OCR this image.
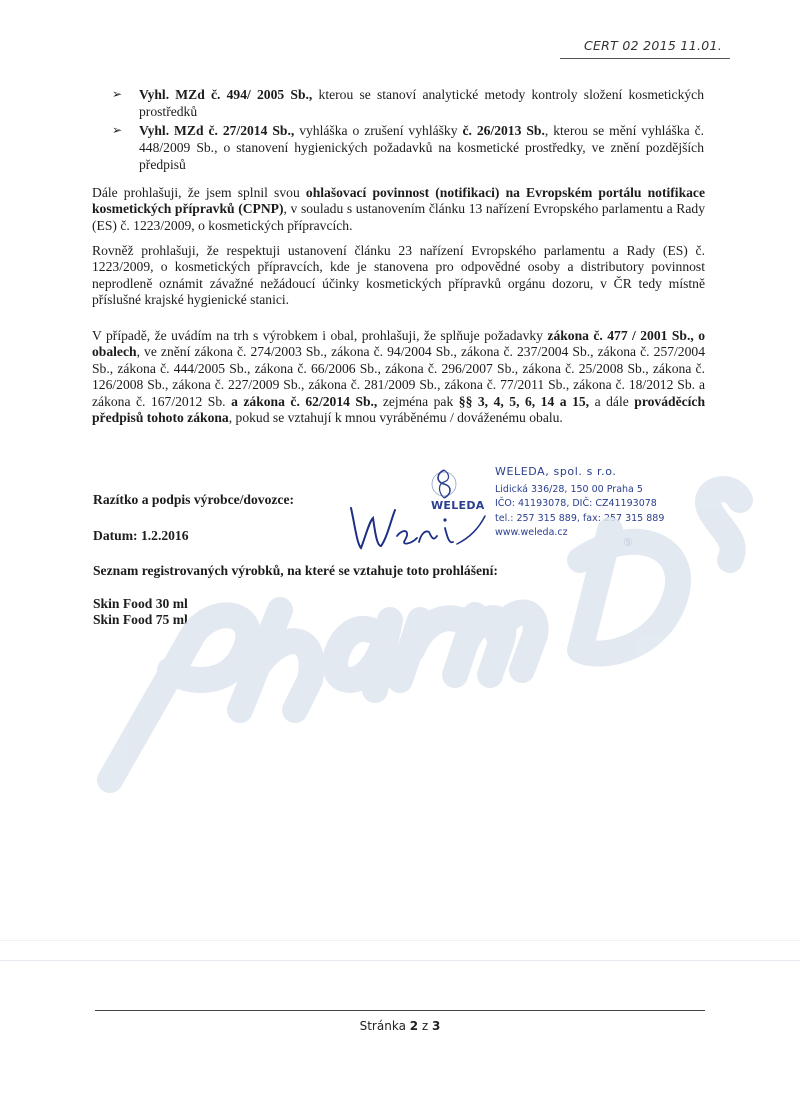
CERT 02 2015 11.01.
➢ Vyhl. MZd č. 494/ 2005 Sb., kterou se stanoví analytické metody kontroly složení kosmetických prostředků
➢ Vyhl. MZd č. 27/2014 Sb., vyhláška o zrušení vyhlášky č. 26/2013 Sb., kterou se mění vyhláška č. 448/2009 Sb., o stanovení hygienických požadavků na kosmetické prostředky, ve znění pozdějších předpisů

Dále prohlašuji, že jsem splnil svou ohlašovací povinnost (notifikaci) na Evropském portálu notifikace kosmetických přípravků (CPNP), v souladu s ustanovením článku 13 nařízení Evropského parlamentu a Rady (ES) č. 1223/2009, o kosmetických přípravcích.

Rovněž prohlašuji, že respektuji ustanovení článku 23 nařízení Evropského parlamentu a Rady (ES) č. 1223/2009, o kosmetických přípravcích, kde je stanovena pro odpovědné osoby a distributory povinnost neprodleně oznámit závažné nežádoucí účinky kosmetických přípravků orgánu dozoru, v ČR tedy místně příslušné krajské hygienické stanici.

V případě, že uvádím na trh s výrobkem i obal, prohlašuji, že splňuje požadavky zákona č. 477 / 2001 Sb., o obalech, ve znění zákona č. 274/2003 Sb., zákona č. 94/2004 Sb., zákona č. 237/2004 Sb., zákona č. 257/2004 Sb., zákona č. 444/2005 Sb., zákona č. 66/2006 Sb., zákona č. 296/2007 Sb., zákona č. 25/2008 Sb., zákona č. 126/2008 Sb., zákona č. 227/2009 Sb., zákona č. 281/2009 Sb., zákona č. 77/2011 Sb., zákona č. 18/2012 Sb. a zákona č. 167/2012 Sb. a zákona č. 62/2014 Sb., zejména pak §§ 3, 4, 5, 6, 14 a 15, a dále prováděcích předpisů tohoto zákona, pokud se vztahují k mnou vyráběnému / dováženému obalu.

Razítko a podpis výrobce/dovozce:

Datum: 1.2.2016

Seznam registrovaných výrobků, na které se vztahuje toto prohlášení:

Skin Food 30 ml

Skin Food 75 ml

WELEDA
WELEDA, spol. s r.o.
Lidická 336/28, 150 00 Praha 5
IČO: 41193078, DIČ: CZ41193078
tel.: 257 315 889, fax: 257 315 889
www.weleda.cz
⑤
Stránka 2 z 3
